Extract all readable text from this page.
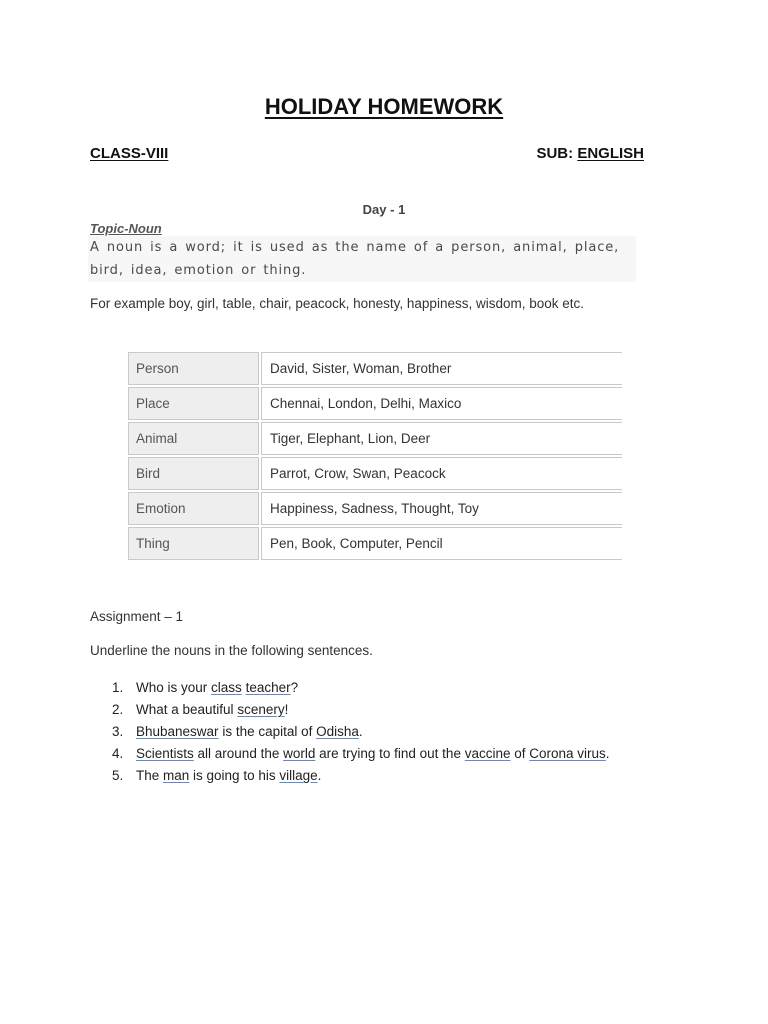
HOLIDAY HOMEWORK
CLASS-VIII	SUB: ENGLISH
Day - 1
Topic-Noun
A noun is a word; it is used as the name of a person, animal, place, bird, idea, emotion or thing.
For example boy, girl, table, chair, peacock, honesty, happiness, wisdom, book etc.
Person	David, Sister, Woman, Brother
Place	Chennai, London, Delhi, Maxico
Animal	Tiger, Elephant, Lion, Deer
Bird	Parrot, Crow, Swan, Peacock
Emotion	Happiness, Sadness, Thought, Toy
Thing	Pen, Book, Computer, Pencil
Assignment – 1
Underline the nouns in the following sentences.
1. Who is your class teacher?
2. What a beautiful scenery!
3. Bhubaneswar is the capital of Odisha.
4. Scientists all around the world are trying to find out the vaccine of Corona virus.
5. The man is going to his village.
